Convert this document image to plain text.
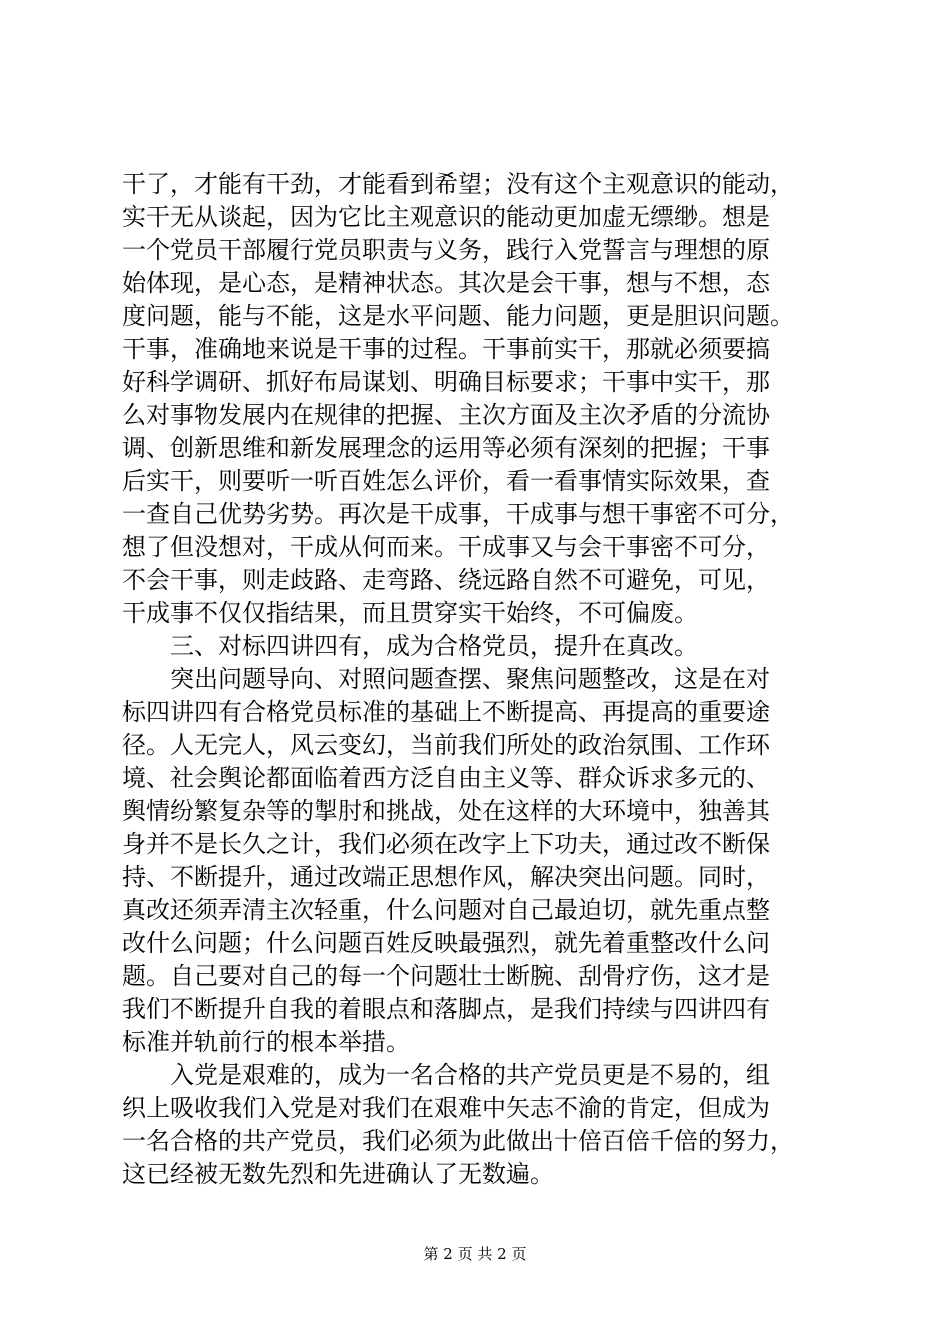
干了，才能有干劲，才能看到希望；没有这个主观意识的能动，
实干无从谈起，因为它比主观意识的能动更加虚无缥缈。想是
一个党员干部履行党员职责与义务，践行入党誓言与理想的原
始体现，是心态，是精神状态。其次是会干事，想与不想，态
度问题，能与不能，这是水平问题、能力问题，更是胆识问题。
干事，准确地来说是干事的过程。干事前实干，那就必须要搞
好科学调研、抓好布局谋划、明确目标要求；干事中实干，那
么对事物发展内在规律的把握、主次方面及主次矛盾的分流协
调、创新思维和新发展理念的运用等必须有深刻的把握；干事
后实干，则要听一听百姓怎么评价，看一看事情实际效果，查
一查自己优势劣势。再次是干成事，干成事与想干事密不可分，
想了但没想对，干成从何而来。干成事又与会干事密不可分，
不会干事，则走歧路、走弯路、绕远路自然不可避免，可见，
干成事不仅仅指结果，而且贯穿实干始终，不可偏废。
三、对标四讲四有，成为合格党员，提升在真改。
突出问题导向、对照问题查摆、聚焦问题整改，这是在对
标四讲四有合格党员标准的基础上不断提高、再提高的重要途
径。人无完人，风云变幻，当前我们所处的政治氛围、工作环
境、社会舆论都面临着西方泛自由主义等、群众诉求多元的、
舆情纷繁复杂等的掣肘和挑战，处在这样的大环境中，独善其
身并不是长久之计，我们必须在改字上下功夫，通过改不断保
持、不断提升，通过改端正思想作风，解决突出问题。同时，
真改还须弄清主次轻重，什么问题对自己最迫切，就先重点整
改什么问题；什么问题百姓反映最强烈，就先着重整改什么问
题。自己要对自己的每一个问题壮士断腕、刮骨疗伤，这才是
我们不断提升自我的着眼点和落脚点，是我们持续与四讲四有
标准并轨前行的根本举措。
入党是艰难的，成为一名合格的共产党员更是不易的，组
织上吸收我们入党是对我们在艰难中矢志不渝的肯定，但成为
一名合格的共产党员，我们必须为此做出十倍百倍千倍的努力，
这已经被无数先烈和先进确认了无数遍。
第 2 页 共 2 页
